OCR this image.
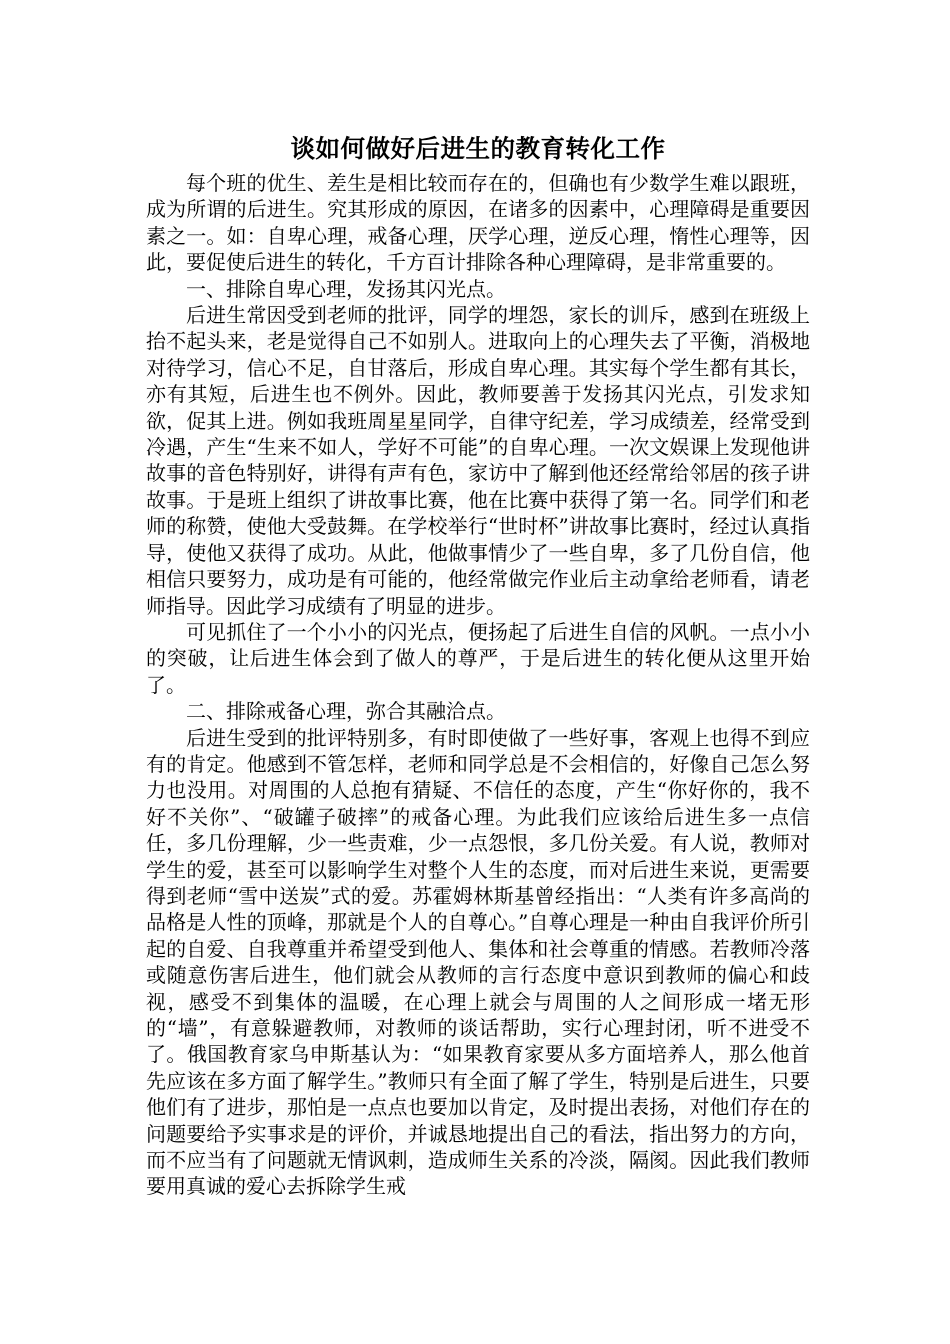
谈如何做好后进生的教育转化工作

每个班的优生、差生是相比较而存在的，但确也有少数学生难以跟班，成为所谓的后进生。究其形成的原因，在诸多的因素中，心理障碍是重要因素之一。如：自卑心理，戒备心理，厌学心理，逆反心理，惰性心理等，因此，要促使后进生的转化，千方百计排除各种心理障碍，是非常重要的。

一、排除自卑心理，发扬其闪光点。

后进生常因受到老师的批评，同学的埋怨，家长的训斥，感到在班级上抬不起头来，老是觉得自己不如别人。进取向上的心理失去了平衡，消极地对待学习，信心不足，自甘落后，形成自卑心理。其实每个学生都有其长，亦有其短，后进生也不例外。因此，教师要善于发扬其闪光点，引发求知欲，促其上进。例如我班周星星同学，自律守纪差，学习成绩差，经常受到冷遇，产生“生来不如人，学好不可能”的自卑心理。一次文娱课上发现他讲故事的音色特别好，讲得有声有色，家访中了解到他还经常给邻居的孩子讲故事。于是班上组织了讲故事比赛，他在比赛中获得了第一名。同学们和老师的称赞，使他大受鼓舞。在学校举行“世时杯”讲故事比赛时，经过认真指导，使他又获得了成功。从此，他做事情少了一些自卑，多了几份自信，他相信只要努力，成功是有可能的，他经常做完作业后主动拿给老师看，请老师指导。因此学习成绩有了明显的进步。

可见抓住了一个小小的闪光点，便扬起了后进生自信的风帆。一点小小的突破，让后进生体会到了做人的尊严，于是后进生的转化便从这里开始了。

二、排除戒备心理，弥合其融洽点。

后进生受到的批评特别多，有时即使做了一些好事，客观上也得不到应有的肯定。他感到不管怎样，老师和同学总是不会相信的，好像自己怎么努力也没用。对周围的人总抱有猜疑、不信任的态度，产生“你好你的，我不好不关你”、“破罐子破摔”的戒备心理。为此我们应该给后进生多一点信任，多几份理解，少一些责难，少一点怨恨，多几份关爱。有人说，教师对学生的爱，甚至可以影响学生对整个人生的态度，而对后进生来说，更需要得到老师“雪中送炭”式的爱。苏霍姆林斯基曾经指出：“人类有许多高尚的品格是人性的顶峰，那就是个人的自尊心。”自尊心理是一种由自我评价所引起的自爱、自我尊重并希望受到他人、集体和社会尊重的情感。若教师冷落或随意伤害后进生，他们就会从教师的言行态度中意识到教师的偏心和歧视，感受不到集体的温暖，在心理上就会与周围的人之间形成一堵无形的“墙”，有意躲避教师，对教师的谈话帮助，实行心理封闭，听不进受不了。俄国教育家乌申斯基认为：“如果教育家要从多方面培养人，那么他首先应该在多方面了解学生。”教师只有全面了解了学生，特别是后进生，只要他们有了进步，那怕是一点点也要加以肯定，及时提出表扬，对他们存在的问题要给予实事求是的评价，并诚恳地提出自己的看法，指出努力的方向，而不应当有了问题就无情讽刺，造成师生关系的冷淡，隔阂。因此我们教师要用真诚的爱心去拆除学生戒
